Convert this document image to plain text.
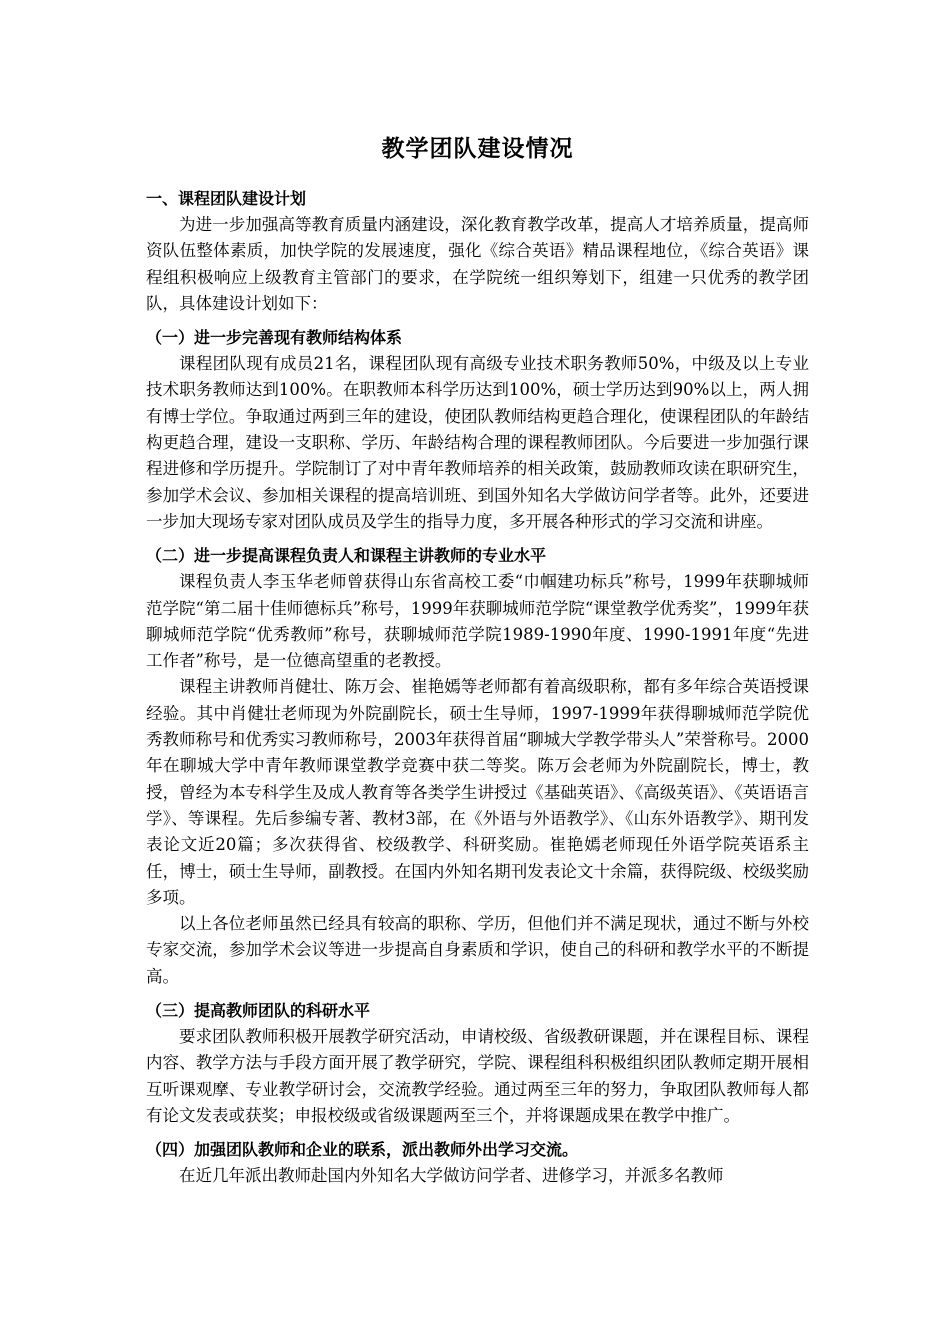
教学团队建设情况
一、课程团队建设计划

为进一步加强高等教育质量内涵建设，深化教育教学改革，提高人才培养质量，提高师资队伍整体素质，加快学院的发展速度，强化《综合英语》精品课程地位，《综合英语》课程组积极响应上级教育主管部门的要求，在学院统一组织筹划下，组建一只优秀的教学团队，具体建设计划如下：

（一）进一步完善现有教师结构体系

课程团队现有成员21名，课程团队现有高级专业技术职务教师50%，中级及以上专业技术职务教师达到100%。在职教师本科学历达到100%，硕士学历达到90%以上，两人拥有博士学位。争取通过两到三年的建设，使团队教师结构更趋合理化，使课程团队的年龄结构更趋合理，建设一支职称、学历、年龄结构合理的课程教师团队。今后要进一步加强行课程进修和学历提升。学院制订了对中青年教师培养的相关政策，鼓励教师攻读在职研究生，参加学术会议、参加相关课程的提高培训班、到国外知名大学做访问学者等。此外，还要进一步加大现场专家对团队成员及学生的指导力度，多开展各种形式的学习交流和讲座。

（二）进一步提高课程负责人和课程主讲教师的专业水平

课程负责人李玉华老师曾获得山东省高校工委“巾帼建功标兵”称号，1999年获聊城师范学院“第二届十佳师德标兵”称号，1999年获聊城师范学院“课堂教学优秀奖”，1999年获聊城师范学院“优秀教师”称号，获聊城师范学院1989-1990年度、1990-1991年度“先进工作者”称号，是一位德高望重的老教授。

课程主讲教师肖健壮、陈万会、崔艳嫣等老师都有着高级职称，都有多年综合英语授课经验。其中肖健壮老师现为外院副院长，硕士生导师，1997-1999年获得聊城师范学院优秀教师称号和优秀实习教师称号，2003年获得首届“聊城大学教学带头人”荣誉称号。2000年在聊城大学中青年教师课堂教学竞赛中获二等奖。陈万会老师为外院副院长，博士，教授，曾经为本专科学生及成人教育等各类学生讲授过《基础英语》、《高级英语》、《英语语言学》、等课程。先后参编专著、教材3部，在《外语与外语教学》、《山东外语教学》、期刊发表论文近20篇；多次获得省、校级教学、科研奖励。崔艳嫣老师现任外语学院英语系主任，博士，硕士生导师，副教授。在国内外知名期刊发表论文十余篇，获得院级、校级奖励多项。

以上各位老师虽然已经具有较高的职称、学历，但他们并不满足现状，通过不断与外校专家交流，参加学术会议等进一步提高自身素质和学识，使自己的科研和教学水平的不断提高。

（三）提高教师团队的科研水平

要求团队教师积极开展教学研究活动，申请校级、省级教研课题，并在课程目标、课程内容、教学方法与手段方面开展了教学研究，学院、课程组科积极组织团队教师定期开展相互听课观摩、专业教学研讨会，交流教学经验。通过两至三年的努力，争取团队教师每人都有论文发表或获奖；申报校级或省级课题两至三个，并将课题成果在教学中推广。

（四）加强团队教师和企业的联系，派出教师外出学习交流。

在近几年派出教师赴国内外知名大学做访问学者、进修学习，并派多名教师
